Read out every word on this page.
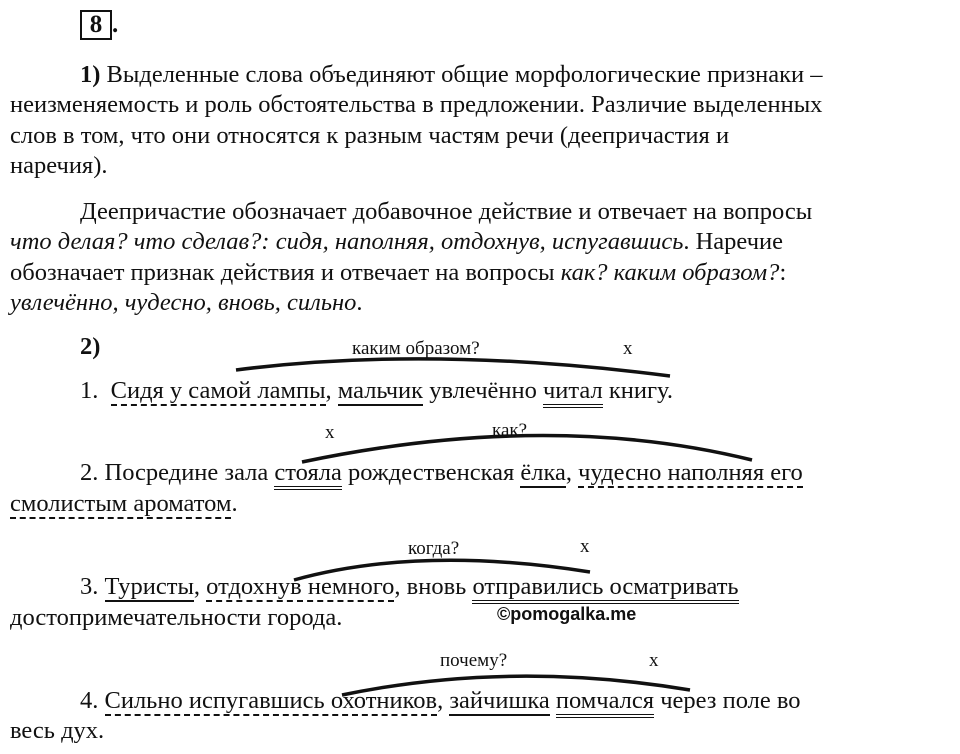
8 .
1) Выделенные слова объединяют общие морфологические признаки –
неизменяемость и роль обстоятельства в предложении. Различие выделенных
слов в том, что они относятся к разным частям речи (деепричастия и
наречия).
Деепричастие обозначает добавочное действие и отвечает на вопросы
что делая? что сделав?: сидя, наполняя, отдохнув, испугавшись. Наречие
обозначает признак действия и отвечает на вопросы как? каким образом?:
увлечённо, чудесно, вновь, сильно.
2)	каким образом?	х
1. Сидя у самой лампы, мальчик увлечённо читал книгу.
х	как?
2. Посредине зала стояла рождественская ёлка, чудесно наполняя его
смолистым ароматом.
когда?	х
3. Туристы, отдохнув немного, вновь отправились осматривать
достопримечательности города.	©pomogalka.me
почему?	х
4. Сильно испугавшись охотников, зайчишка помчался через поле во
весь дух.
